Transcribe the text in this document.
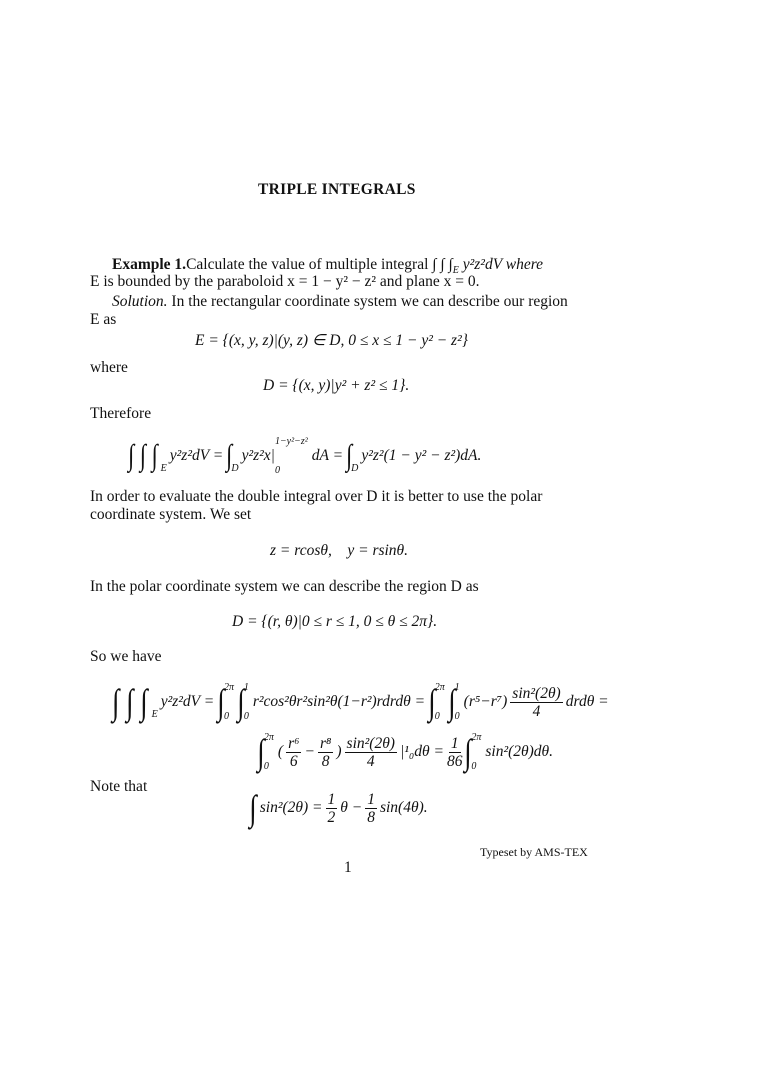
TRIPLE INTEGRALS
Example 1.Calculate the value of multiple integral ∫ ∫ $\int_E$ y²z²dV where
E is bounded by the paraboloid x = 1 − y² − z² and plane x = 0.
Solution. In the rectangular coordinate system we can describe our region
E as
E = {(x, y, z)|(y, z) ∈ D, 0 ≤ x ≤ 1 − y² − z²}
where
D = {(x, y)|y² + z² ≤ 1}.
Therefore
∫ ∫ ∫ E
y²z²dV =
∫ D
y²z²x|
1−y²−z²
0
dA =
∫ D
y²z²(1 − y² − z²)dA.
In order to evaluate the double integral over D it is better to use the polar
coordinate system. We set
z = rcosθ,    y = rsinθ.
In the polar coordinate system we can describe the region D as
D = {(r, θ)|0 ≤ r ≤ 1, 0 ≤ θ ≤ 2π}.
So we have
∫ ∫ ∫ E
y²z²dV =
∫ 2π
0 ∫ 1
0
r²cos²θr²sin²θ(1−r²)rdrdθ =
∫ 2π
0 ∫ 1
0
$(r^5-r^7) \frac{\text{sin²(2θ)}}{4}$ drdθ =
∫ 2π
0
( $\frac{\text{r⁶}}{6} - \frac{\text{r⁸}}{8}$ ) $\frac{\text{sin²(2θ)}}{4} |^1_0d\theta = \frac{1}{86}$ ∫ 2π
0
sin²(2θ)dθ.
Note that
∫
$\sin^2(2\theta) = \frac{1}{2}$ $\theta - \frac{1}{8} \sin(4\theta)$.
Typeset by AMS-TEX
1
